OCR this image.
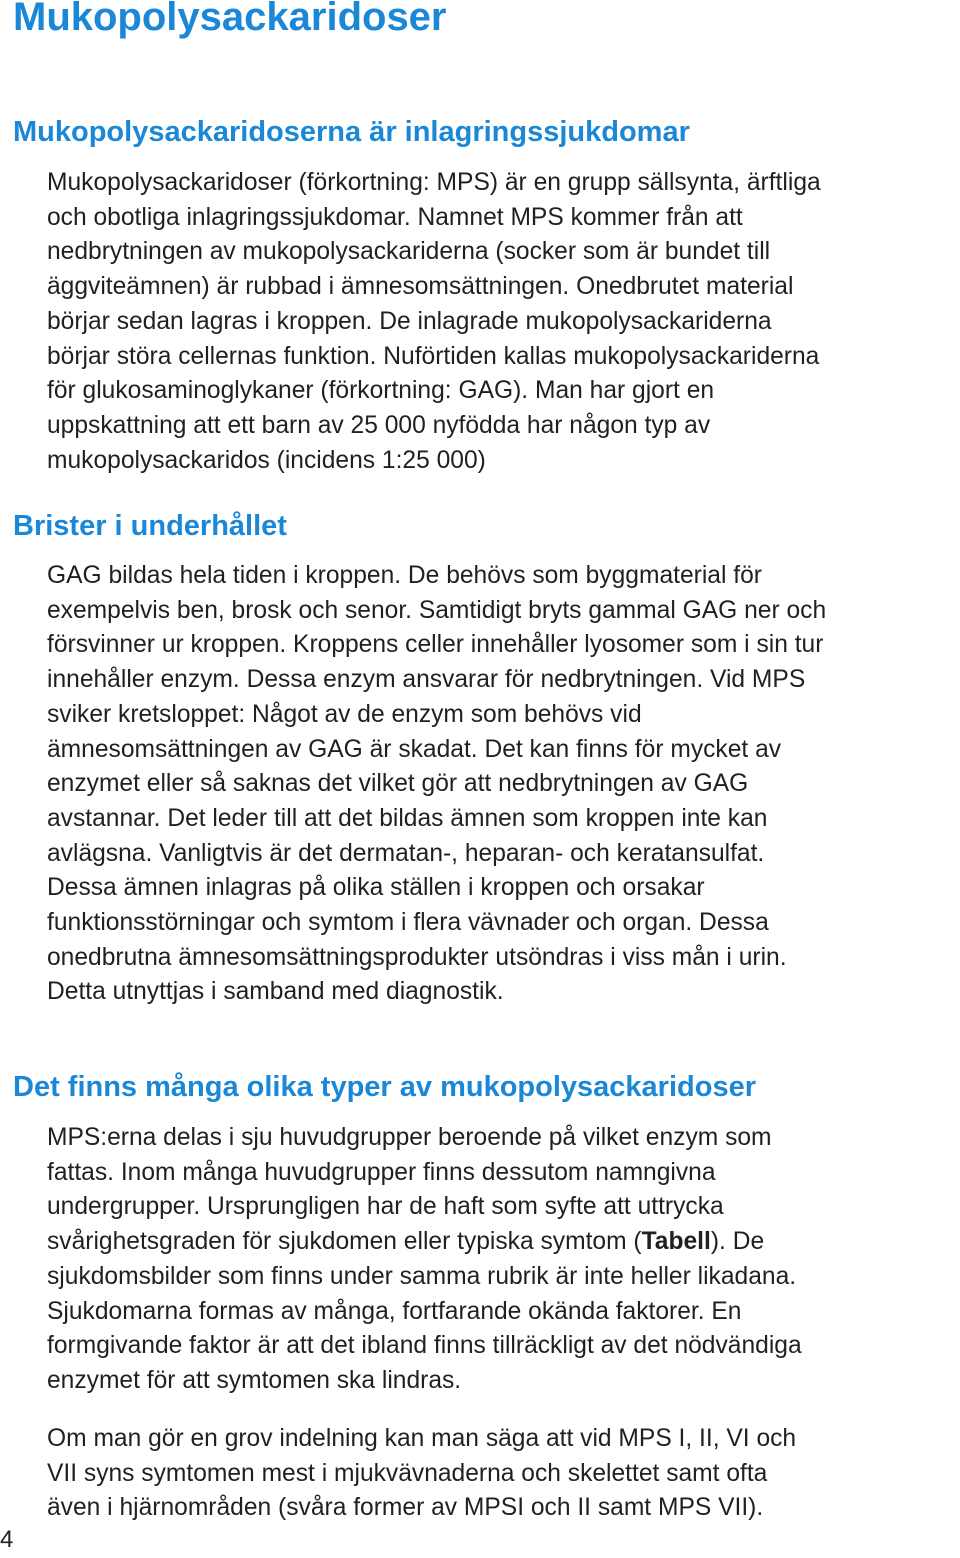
Mukopolysackaridoser
Mukopolysackaridoserna är inlagringssjukdomar
Mukopolysackaridoser (förkortning: MPS) är en grupp sällsynta, ärftliga
och obotliga inlagringssjukdomar. Namnet MPS kommer från att
nedbrytningen av mukopolysackariderna (socker som är bundet till
äggviteämnen) är rubbad i ämnesomsättningen. Onedbrutet material
börjar sedan lagras i kroppen. De inlagrade mukopolysackariderna
börjar störa cellernas funktion. Nuförtiden kallas mukopolysackariderna
för glukosaminoglykaner (förkortning: GAG). Man har gjort en
uppskattning att ett barn av 25 000 nyfödda har någon typ av
mukopolysackaridos (incidens 1:25 000)
Brister i underhållet
GAG bildas hela tiden i kroppen. De behövs som byggmaterial för
exempelvis ben, brosk och senor. Samtidigt bryts gammal GAG ner och
försvinner ur kroppen. Kroppens celler innehåller lyosomer som i sin tur
innehåller enzym. Dessa enzym ansvarar för nedbrytningen. Vid MPS
sviker kretsloppet: Något av de enzym som behövs vid
ämnesomsättningen av GAG är skadat. Det kan finns för mycket av
enzymet eller så saknas det vilket gör att nedbrytningen av GAG
avstannar. Det leder till att det bildas ämnen som kroppen inte kan
avlägsna. Vanligtvis är det dermatan-, heparan- och keratansulfat.
Dessa ämnen inlagras på olika ställen i kroppen och orsakar
funktionsstörningar och symtom i flera vävnader och organ. Dessa
onedbrutna ämnesomsättningsprodukter utsöndras i viss mån i urin.
Detta utnyttjas i samband med diagnostik.
Det finns många olika typer av mukopolysackaridoser
MPS:erna delas i sju huvudgrupper beroende på vilket enzym som
fattas. Inom många huvudgrupper finns dessutom namngivna
undergrupper. Ursprungligen har de haft som syfte att uttrycka
svårighetsgraden för sjukdomen eller typiska symtom (Tabell). De
sjukdomsbilder som finns under samma rubrik är inte heller likadana.
Sjukdomarna formas av många, fortfarande okända faktorer. En
formgivande faktor är att det ibland finns tillräckligt av det nödvändiga
enzymet för att symtomen ska lindras.
Om man gör en grov indelning kan man säga att vid MPS I, II, VI och
VII syns symtomen mest i mjukvävnaderna och skelettet samt ofta
även i hjärnområden (svåra former av MPSI och II samt MPS VII).
4
